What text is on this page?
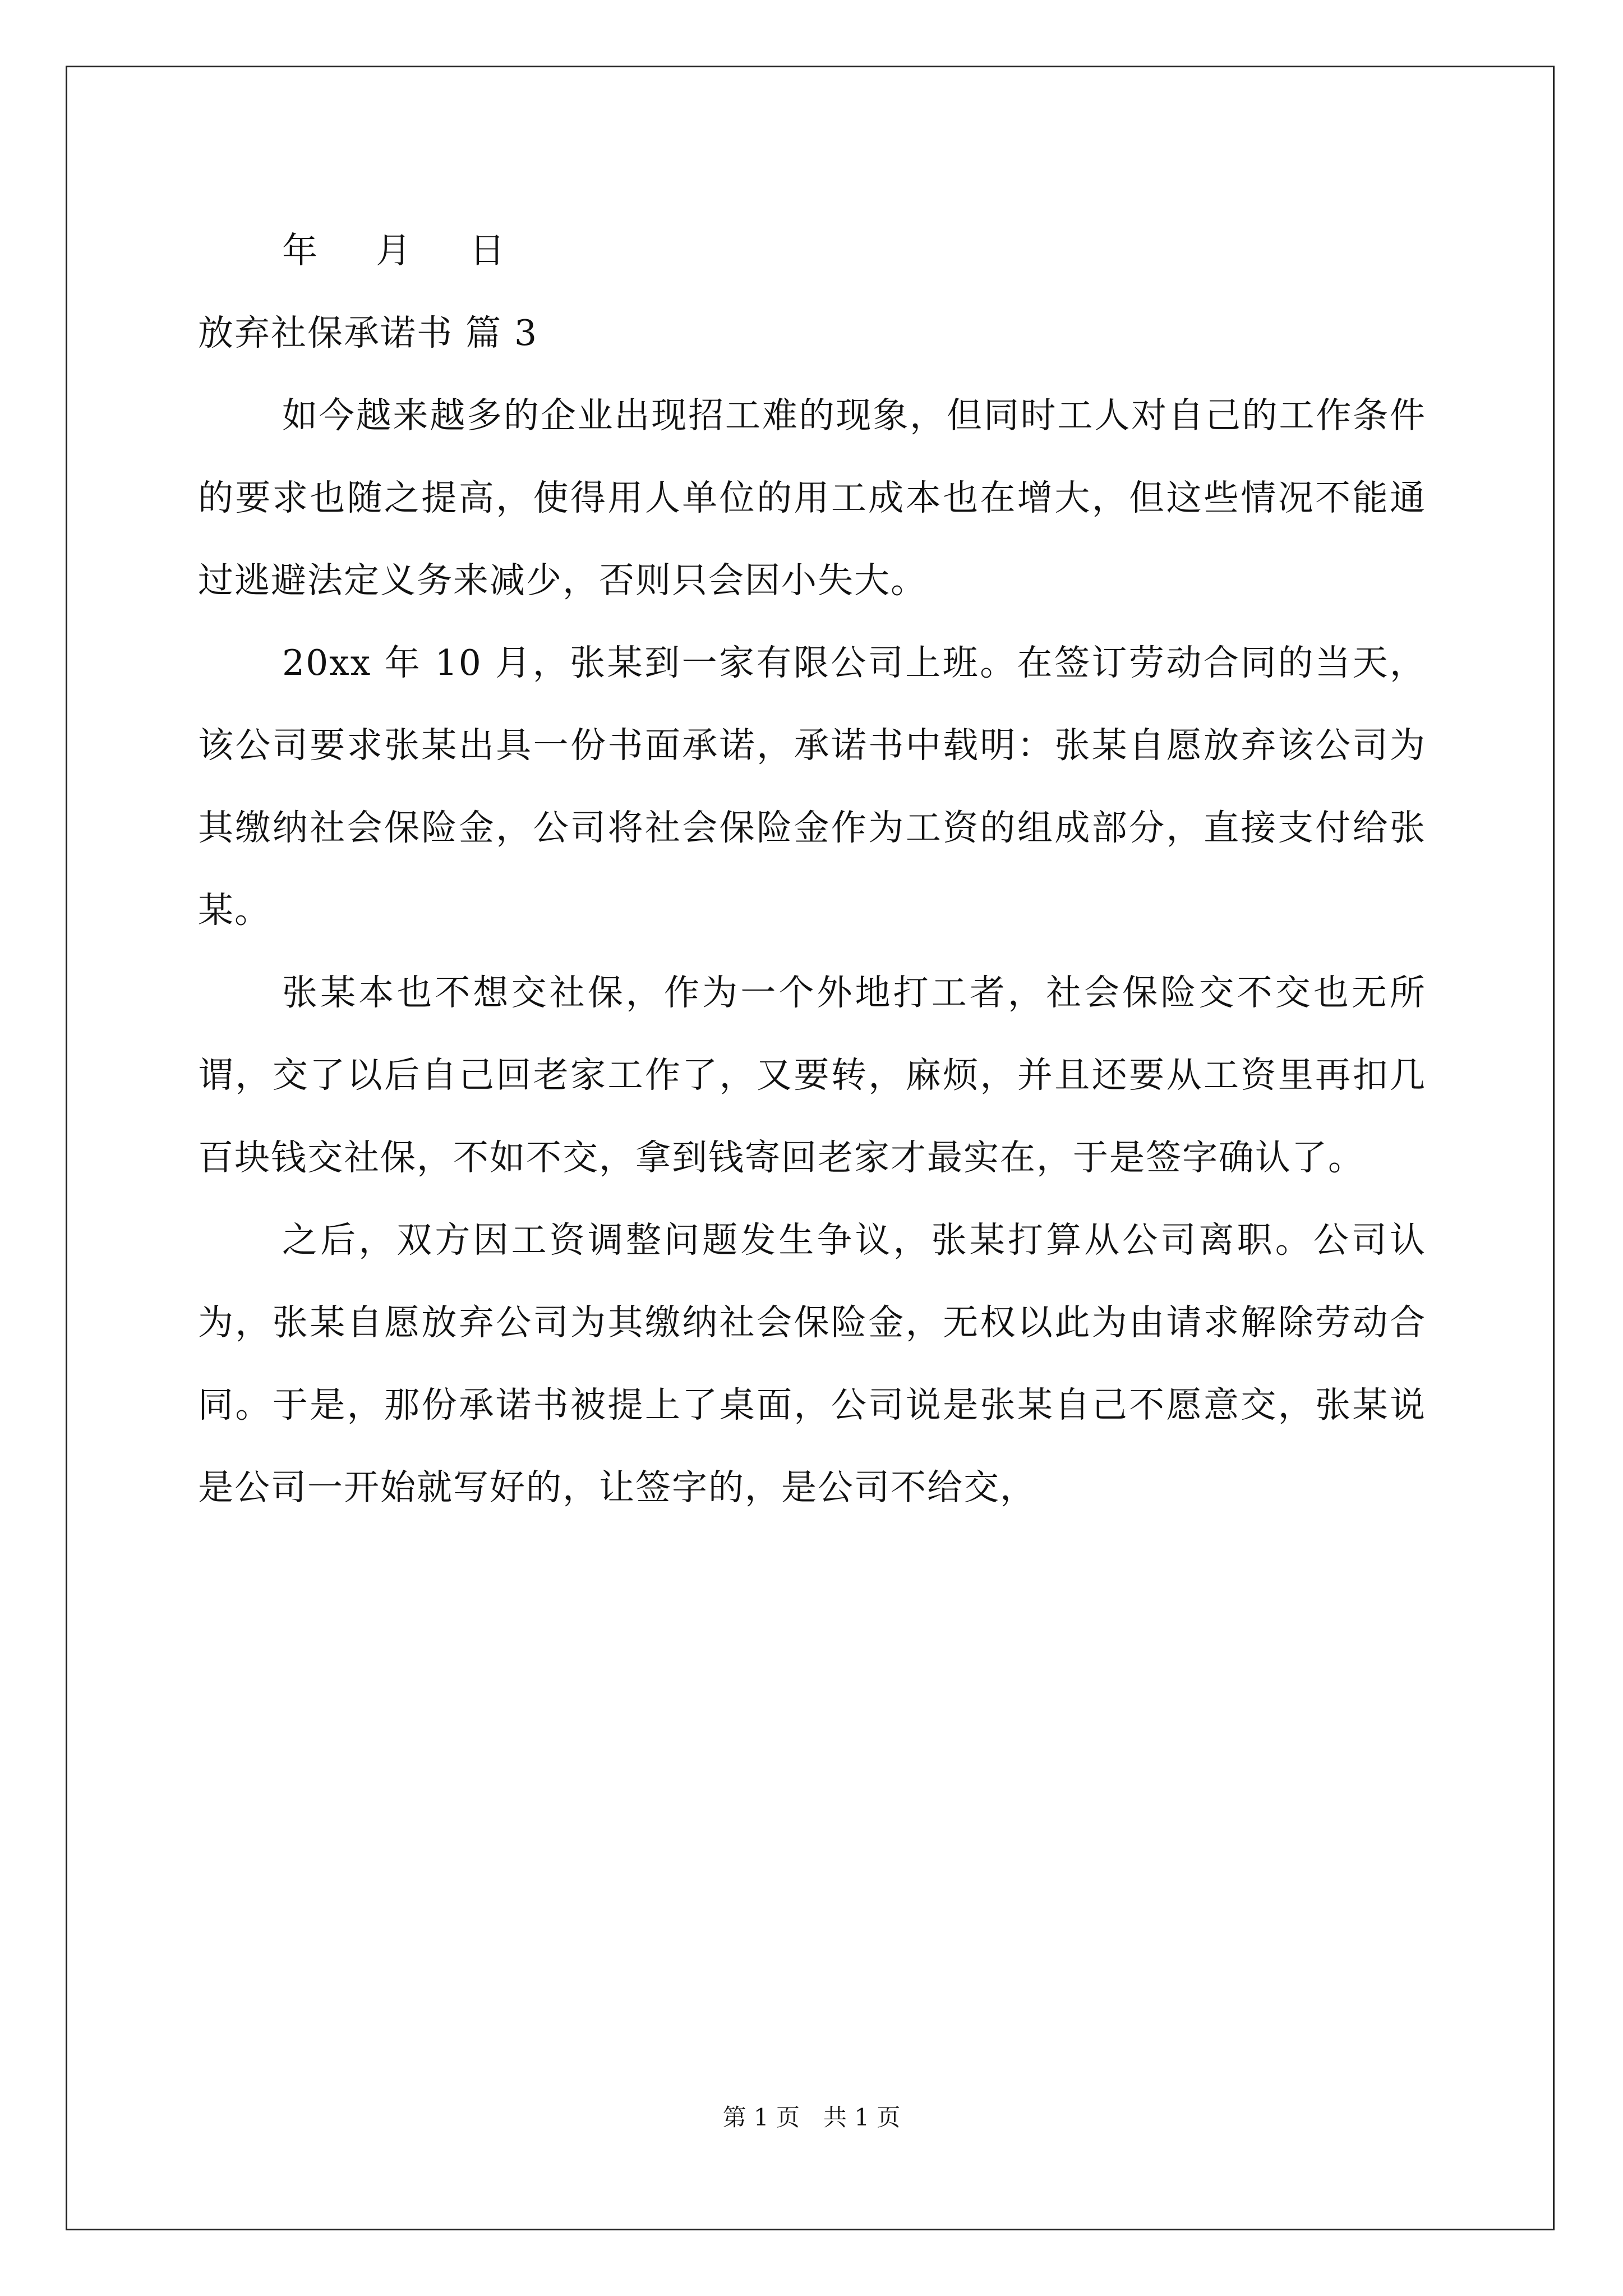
年 月 日

放弃社保承诺书 篇 3

如今越来越多的企业出现招工难的现象，但同时工人对自己的工作条件的要求也随之提高，使得用人单位的用工成本也在增大，但这些情况不能通过逃避法定义务来减少，否则只会因小失大。

20xx 年 10 月，张某到一家有限公司上班。在签订劳动合同的当天，该公司要求张某出具一份书面承诺，承诺书中载明：张某自愿放弃该公司为其缴纳社会保险金，公司将社会保险金作为工资的组成部分，直接支付给张某。

张某本也不想交社保，作为一个外地打工者，社会保险交不交也无所谓，交了以后自己回老家工作了，又要转，麻烦，并且还要从工资里再扣几百块钱交社保，不如不交，拿到钱寄回老家才最实在，于是签字确认了。

之后，双方因工资调整问题发生争议，张某打算从公司离职。公司认为，张某自愿放弃公司为其缴纳社会保险金，无权以此为由请求解除劳动合同。于是，那份承诺书被提上了桌面，公司说是张某自己不愿意交，张某说是公司一开始就写好的，让签字的，是公司不给交，

第 1 页　共 1 页
